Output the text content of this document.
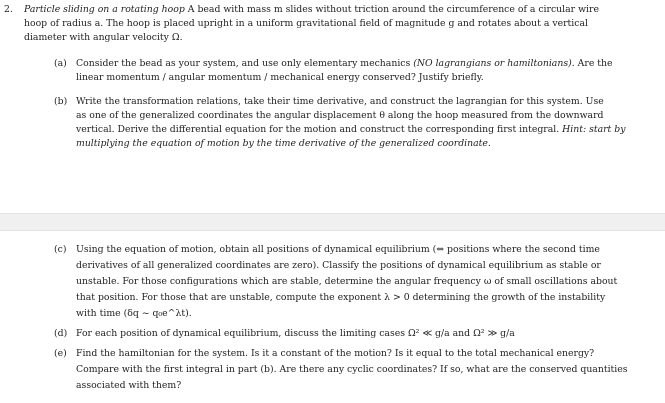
2. Particle sliding on a rotating hoop A bead with mass m slides without triction around the circumference of a circular wire
hoop of radius a. The hoop is placed upright in a uniform gravitational field of magnitude g and rotates about a vertical
diameter with angular velocity Ω.
(a) Consider the bead as your system, and use only elementary mechanics (NO lagrangians or hamiltonians). Are the
linear momentum / angular momentum / mechanical energy conserved? Justify briefly.
(b) Write the transformation relations, take their time derivative, and construct the lagrangian for this system. Use
as one of the generalized coordinates the angular displacement θ along the hoop measured from the downward
vertical. Derive the differential equation for the motion and construct the corresponding first integral. Hint: start by
multiplying the equation of motion by the time derivative of the generalized coordinate.
(c) Using the equation of motion, obtain all positions of dynamical equilibrium (⇔ positions where the second time
derivatives of all generalized coordinates are zero). Classify the positions of dynamical equilibrium as stable or
unstable. For those configurations which are stable, determine the angular frequency ω of small oscillations about
that position. For those that are unstable, compute the exponent λ > 0 determining the growth of the instability
with time (δq ~ q₀e^λt).
(d) For each position of dynamical equilibrium, discuss the limiting cases Ω² ≪ g/a and Ω² ≫ g/a
(e) Find the hamiltonian for the system. Is it a constant of the motion? Is it equal to the total mechanical energy?
Compare with the first integral in part (b). Are there any cyclic coordinates? If so, what are the conserved quantities
associated with them?
